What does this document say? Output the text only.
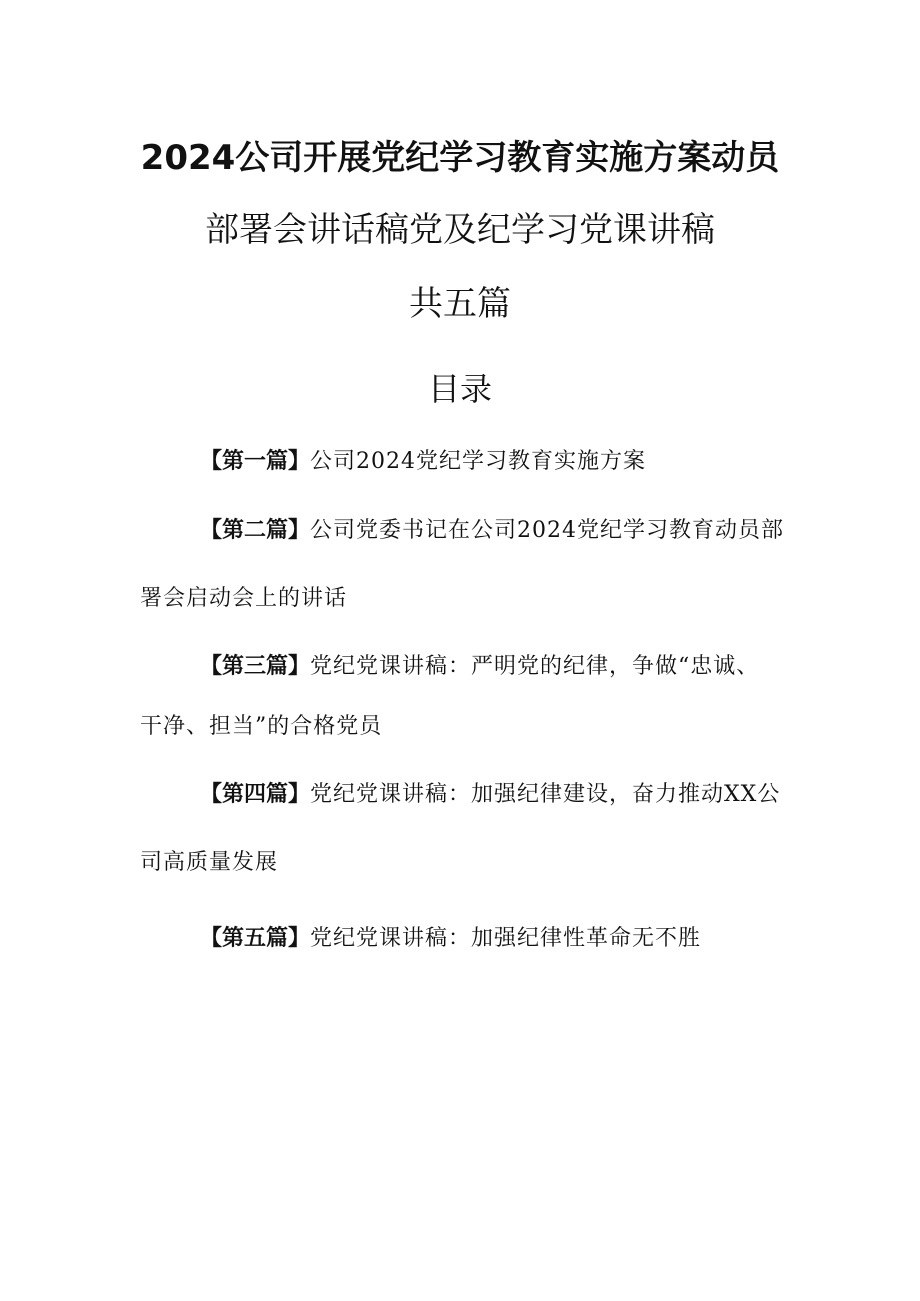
2024公司开展党纪学习教育实施方案动员
部署会讲话稿党及纪学习党课讲稿
共五篇
目录
【第一篇】公司2024党纪学习教育实施方案
【第二篇】公司党委书记在公司2024党纪学习教育动员部
署会启动会上的讲话
【第三篇】党纪党课讲稿：严明党的纪律，争做“忠诚、
干净、担当”的合格党员
【第四篇】党纪党课讲稿：加强纪律建设，奋力推动XX公
司高质量发展
【第五篇】党纪党课讲稿：加强纪律性革命无不胜
